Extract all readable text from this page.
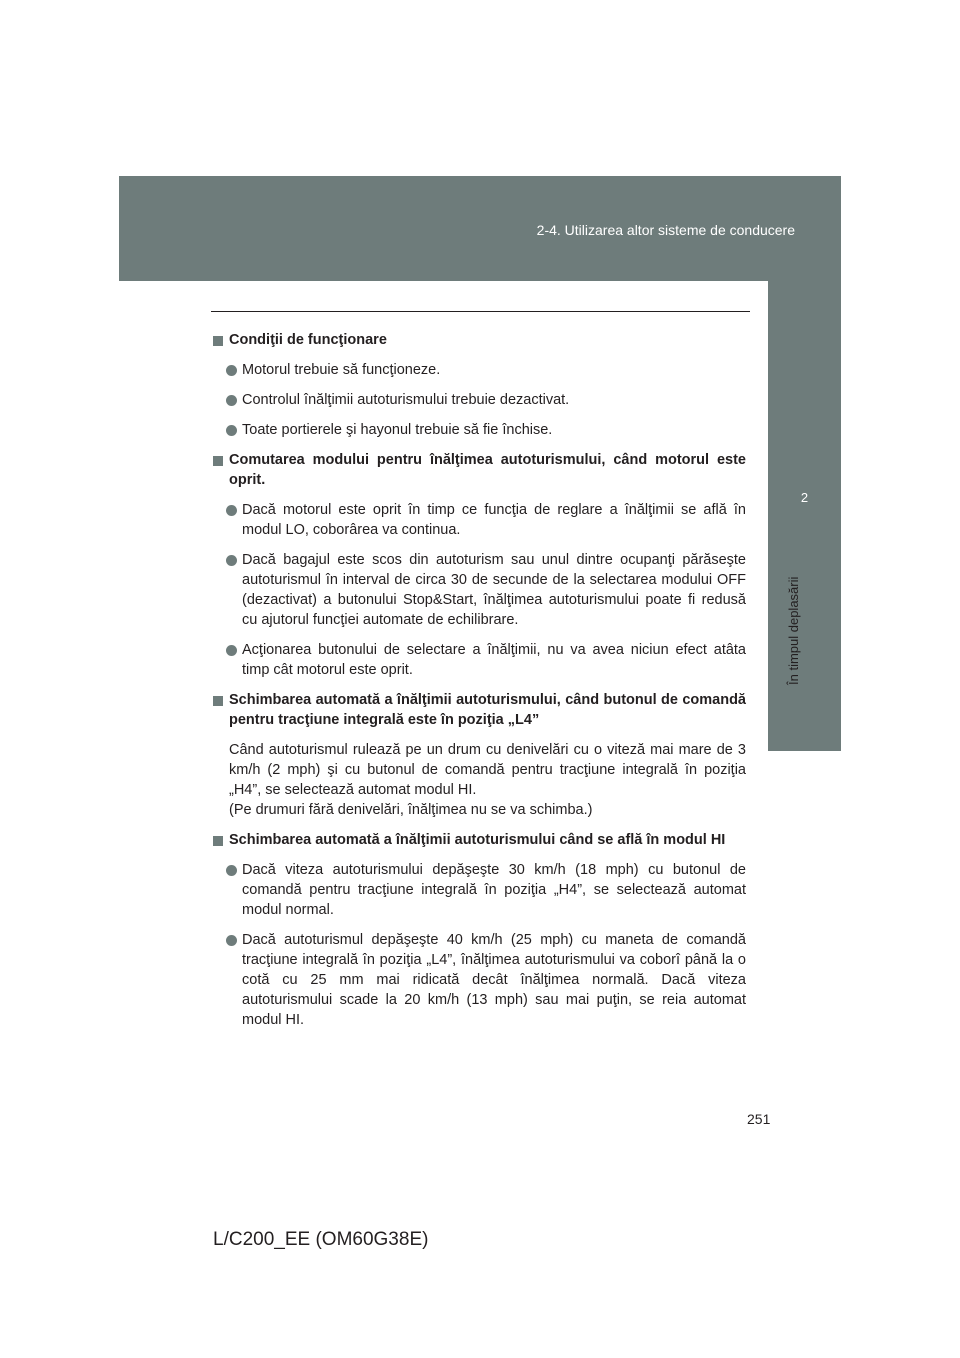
2-4. Utilizarea altor sisteme de conducere
2
În timpul deplasării
Condiţii de funcţionare
Motorul trebuie să funcţioneze.
Controlul înălţimii autoturismului trebuie dezactivat.
Toate portierele şi hayonul trebuie să fie închise.
Comutarea modului pentru înălţimea autoturismului, când motorul este oprit.
Dacă motorul este oprit în timp ce funcţia de reglare a înălţimii se află în modul LO, coborârea va continua.
Dacă bagajul este scos din autoturism sau unul dintre ocupanţi părăseşte autoturismul în interval de circa 30 de secunde de la selectarea modului OFF (dezactivat) a butonului Stop&Start, înălţimea autoturismului poate fi redusă cu ajutorul funcţiei automate de echilibrare.
Acţionarea butonului de selectare a înălţimii, nu va avea niciun efect atâta timp cât motorul este oprit.
Schimbarea automată a înălţimii autoturismului, când butonul de comandă pentru tracţiune integrală este în poziţia „L4”
Când autoturismul rulează pe un drum cu denivelări cu o viteză mai mare de 3 km/h (2 mph) şi cu butonul de comandă pentru tracţiune integrală în poziţia „H4”, se selectează automat modul HI.
(Pe drumuri fără denivelări, înălţimea nu se va schimba.)
Schimbarea automată a înălţimii autoturismului când se află în modul HI
Dacă viteza autoturismului depăşeşte 30 km/h (18 mph) cu butonul de comandă pentru tracţiune integrală în poziţia „H4”, se selectează automat modul normal.
Dacă autoturismul depăşeşte 40 km/h (25 mph) cu maneta de comandă tracţiune integrală în poziţia „L4”, înălţimea autoturismului va coborî până la o cotă cu 25 mm mai ridicată decât înălţimea normală. Dacă viteza autoturismului scade la 20 km/h (13 mph) sau mai puţin, se reia automat modul HI.
251
L/C200_EE (OM60G38E)
